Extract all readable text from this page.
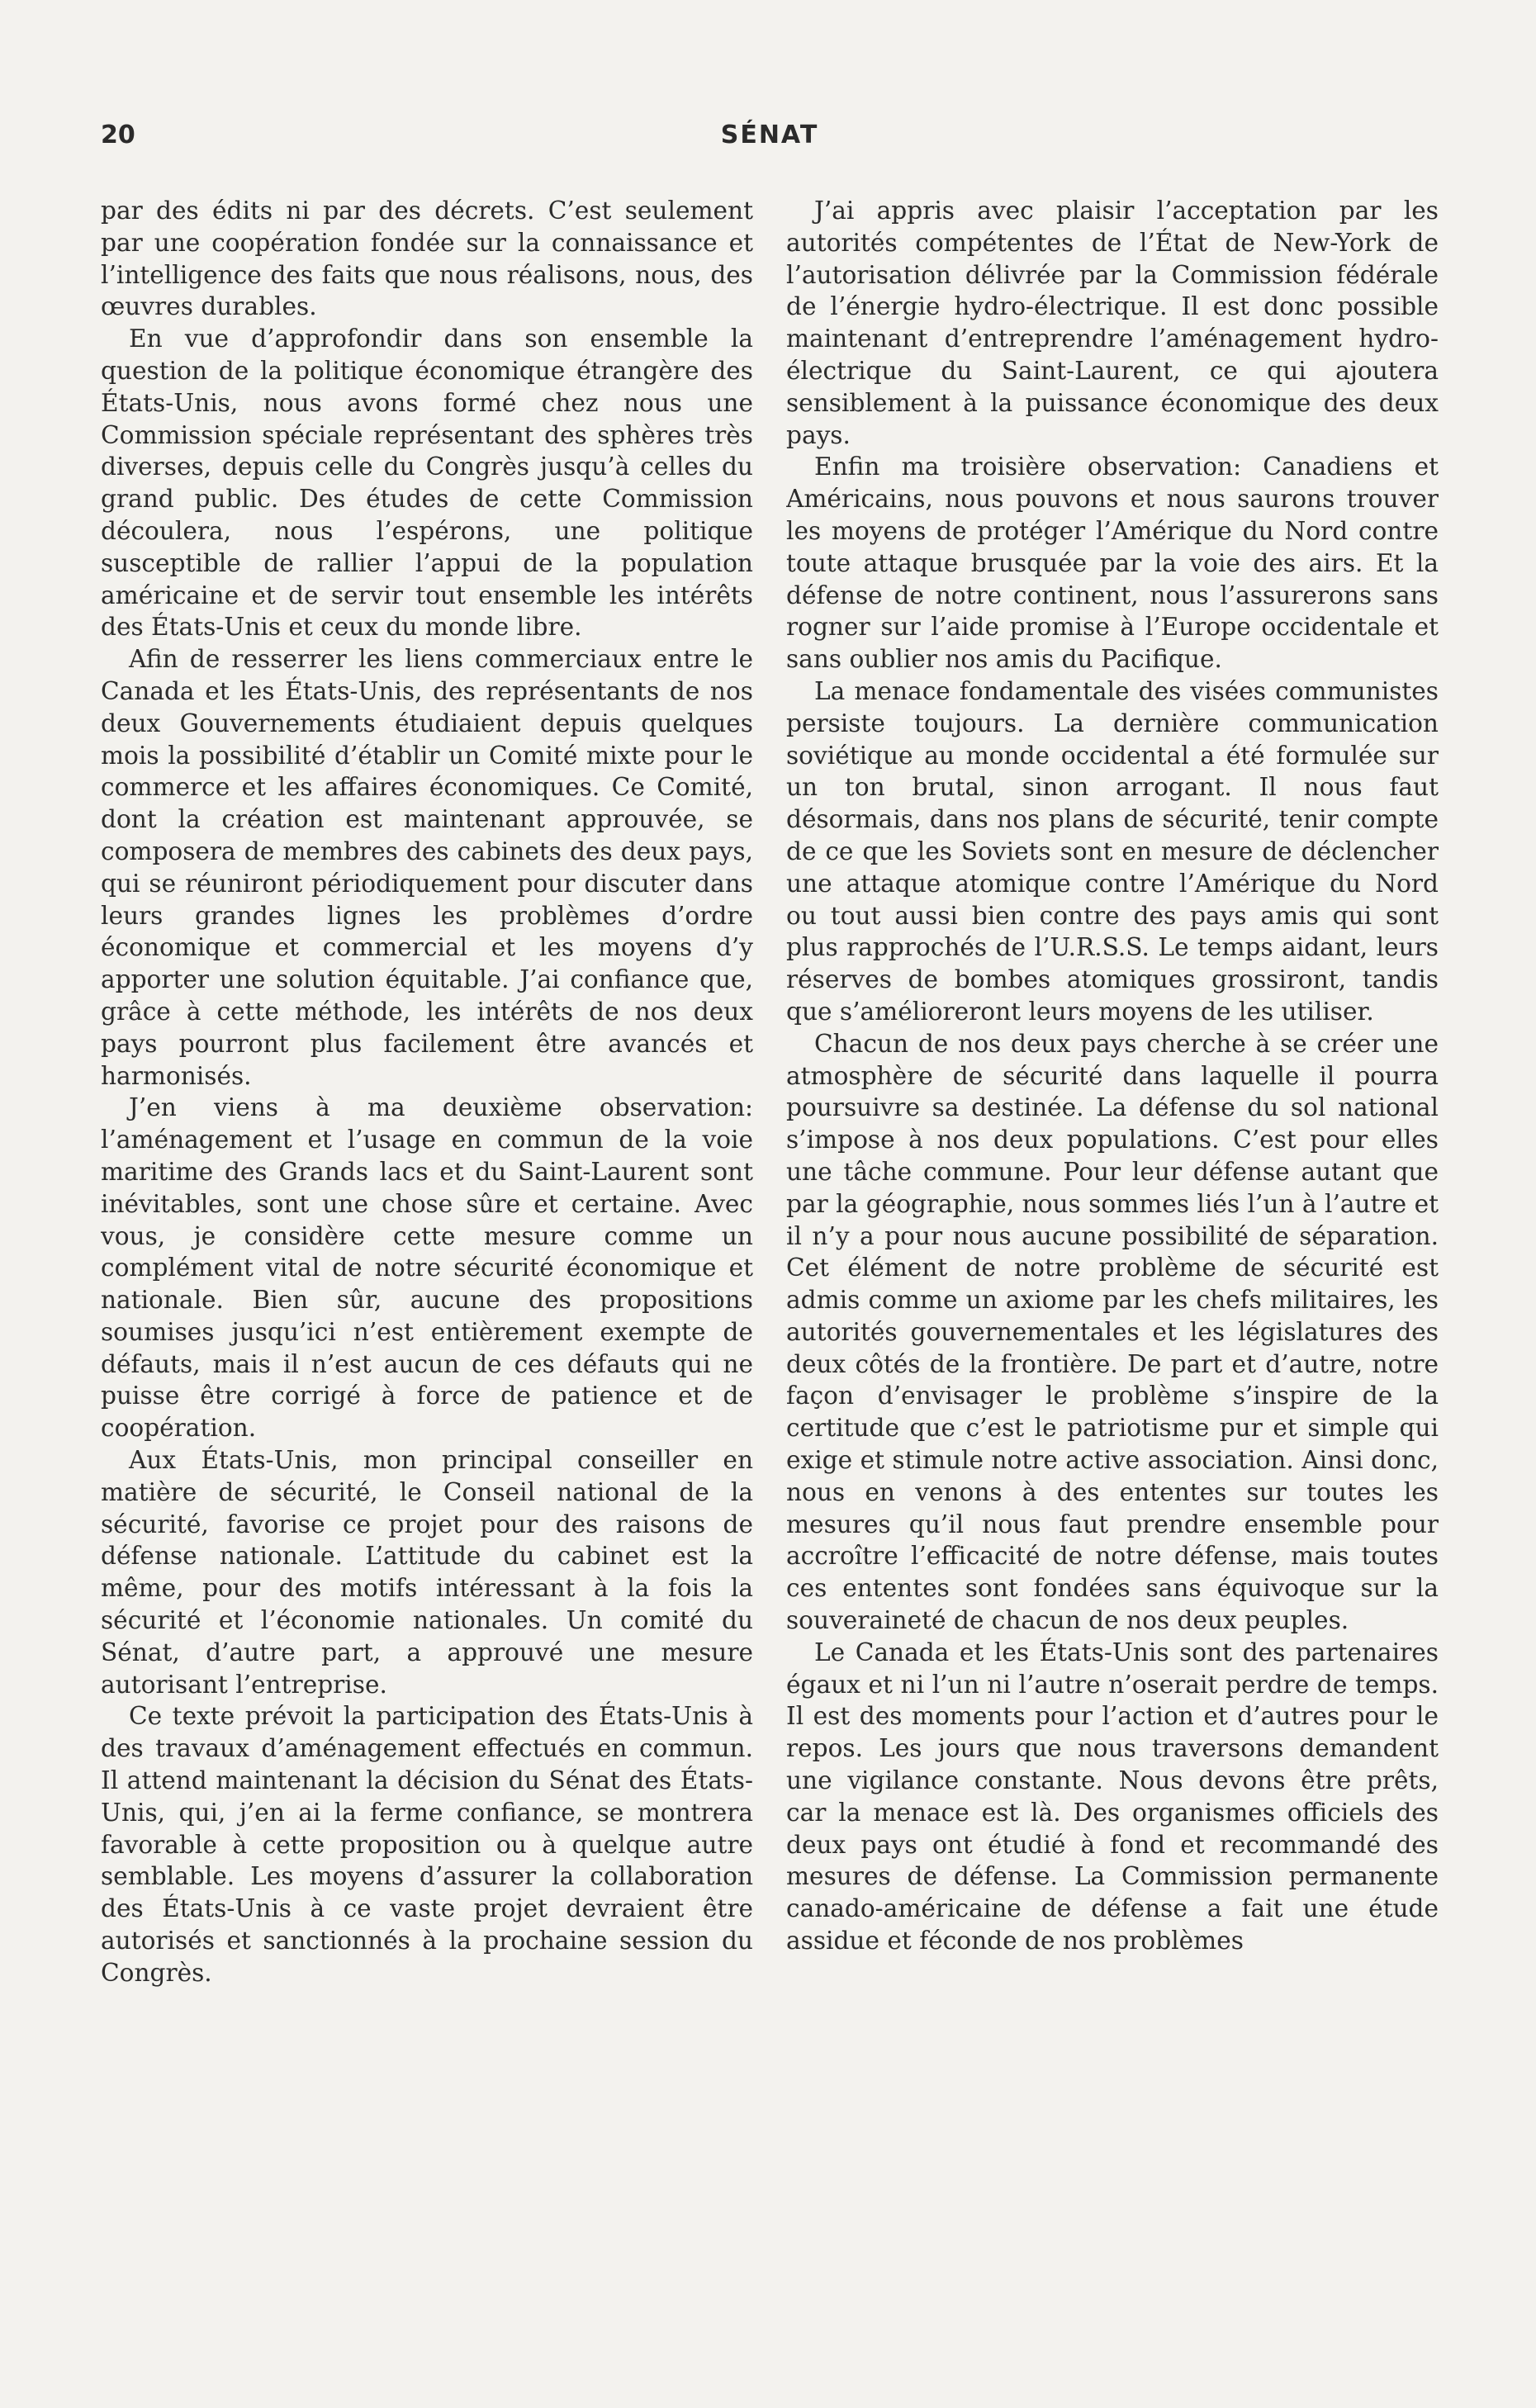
20	SÉNAT

par des édits ni par des décrets. C’est seulement par une coopération fondée sur la connaissance et l’intelligence des faits que nous réalisons, nous, des œuvres durables.

En vue d’approfondir dans son ensemble la question de la politique économique étrangère des États-Unis, nous avons formé chez nous une Commission spéciale représentant des sphères très diverses, depuis celle du Congrès jusqu’à celles du grand public. Des études de cette Commission découlera, nous l’espérons, une politique susceptible de rallier l’appui de la population américaine et de servir tout ensemble les intérêts des États-Unis et ceux du monde libre.

Afin de resserrer les liens commerciaux entre le Canada et les États-Unis, des représentants de nos deux Gouvernements étudiaient depuis quelques mois la possibilité d’établir un Comité mixte pour le commerce et les affaires économiques. Ce Comité, dont la création est maintenant approuvée, se composera de membres des cabinets des deux pays, qui se réuniront périodiquement pour discuter dans leurs grandes lignes les problèmes d’ordre économique et commercial et les moyens d’y apporter une solution équitable. J’ai confiance que, grâce à cette méthode, les intérêts de nos deux pays pourront plus facilement être avancés et harmonisés.

J’en viens à ma deuxième observation: l’aménagement et l’usage en commun de la voie maritime des Grands lacs et du Saint-Laurent sont inévitables, sont une chose sûre et certaine. Avec vous, je considère cette mesure comme un complément vital de notre sécurité économique et nationale. Bien sûr, aucune des propositions soumises jusqu’ici n’est entièrement exempte de défauts, mais il n’est aucun de ces défauts qui ne puisse être corrigé à force de patience et de coopération.

Aux États-Unis, mon principal conseiller en matière de sécurité, le Conseil national de la sécurité, favorise ce projet pour des raisons de défense nationale. L’attitude du cabinet est la même, pour des motifs intéressant à la fois la sécurité et l’économie nationales. Un comité du Sénat, d’autre part, a approuvé une mesure autorisant l’entreprise.

Ce texte prévoit la participation des États-Unis à des travaux d’aménagement effectués en commun. Il attend maintenant la décision du Sénat des États-Unis, qui, j’en ai la ferme confiance, se montrera favorable à cette proposition ou à quelque autre semblable. Les moyens d’assurer la collaboration des États-Unis à ce vaste projet devraient être autorisés et sanctionnés à la prochaine session du Congrès.

J’ai appris avec plaisir l’acceptation par les autorités compétentes de l’État de New-York de l’autorisation délivrée par la Commission fédérale de l’énergie hydro-électrique. Il est donc possible maintenant d’entreprendre l’aménagement hydro-électrique du Saint-Laurent, ce qui ajoutera sensiblement à la puissance économique des deux pays.

Enfin ma troisière observation: Canadiens et Américains, nous pouvons et nous saurons trouver les moyens de protéger l’Amérique du Nord contre toute attaque brusquée par la voie des airs. Et la défense de notre continent, nous l’assurerons sans rogner sur l’aide promise à l’Europe occidentale et sans oublier nos amis du Pacifique.

La menace fondamentale des visées communistes persiste toujours. La dernière communication soviétique au monde occidental a été formulée sur un ton brutal, sinon arrogant. Il nous faut désormais, dans nos plans de sécurité, tenir compte de ce que les Soviets sont en mesure de déclencher une attaque atomique contre l’Amérique du Nord ou tout aussi bien contre des pays amis qui sont plus rapprochés de l’U.R.S.S. Le temps aidant, leurs réserves de bombes atomiques grossiront, tandis que s’amélioreront leurs moyens de les utiliser.

Chacun de nos deux pays cherche à se créer une atmosphère de sécurité dans laquelle il pourra poursuivre sa destinée. La défense du sol national s’impose à nos deux populations. C’est pour elles une tâche commune. Pour leur défense autant que par la géographie, nous sommes liés l’un à l’autre et il n’y a pour nous aucune possibilité de séparation. Cet élément de notre problème de sécurité est admis comme un axiome par les chefs militaires, les autorités gouvernementales et les législatures des deux côtés de la frontière. De part et d’autre, notre façon d’envisager le problème s’inspire de la certitude que c’est le patriotisme pur et simple qui exige et stimule notre active association. Ainsi donc, nous en venons à des ententes sur toutes les mesures qu’il nous faut prendre ensemble pour accroître l’efficacité de notre défense, mais toutes ces ententes sont fondées sans équivoque sur la souveraineté de chacun de nos deux peuples.

Le Canada et les États-Unis sont des partenaires égaux et ni l’un ni l’autre n’oserait perdre de temps. Il est des moments pour l’action et d’autres pour le repos. Les jours que nous traversons demandent une vigilance constante. Nous devons être prêts, car la menace est là. Des organismes officiels des deux pays ont étudié à fond et recommandé des mesures de défense. La Commission permanente canado-américaine de défense a fait une étude assidue et féconde de nos problèmes
